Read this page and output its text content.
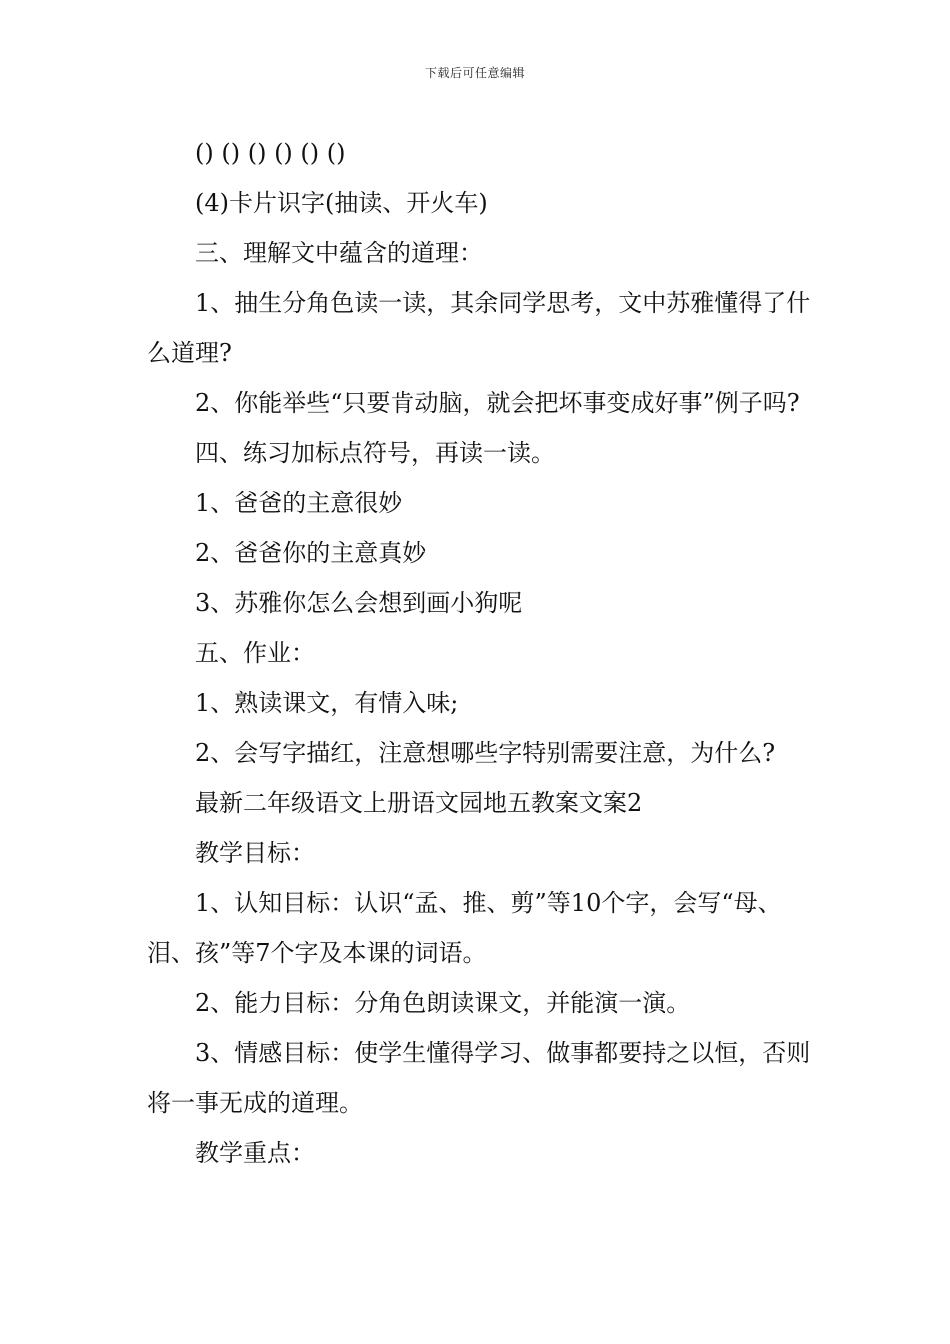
下载后可任意编辑

() () () () () ()

(4)卡片识字(抽读、开火车)

三、理解文中蕴含的道理：

1、抽生分角色读一读，其余同学思考，文中苏雅懂得了什么道理?

2、你能举些“只要肯动脑，就会把坏事变成好事”例子吗?

四、练习加标点符号，再读一读。

1、爸爸的主意很妙

2、爸爸你的主意真妙

3、苏雅你怎么会想到画小狗呢

五、作业：

1、熟读课文，有情入味;

2、会写字描红，注意想哪些字特别需要注意，为什么?

最新二年级语文上册语文园地五教案文案2

教学目标：

1、认知目标：认识“孟、推、剪”等10个字，会写“母、泪、孩”等7个字及本课的词语。

2、能力目标：分角色朗读课文，并能演一演。

3、情感目标：使学生懂得学习、做事都要持之以恒，否则将一事无成的道理。

教学重点：
